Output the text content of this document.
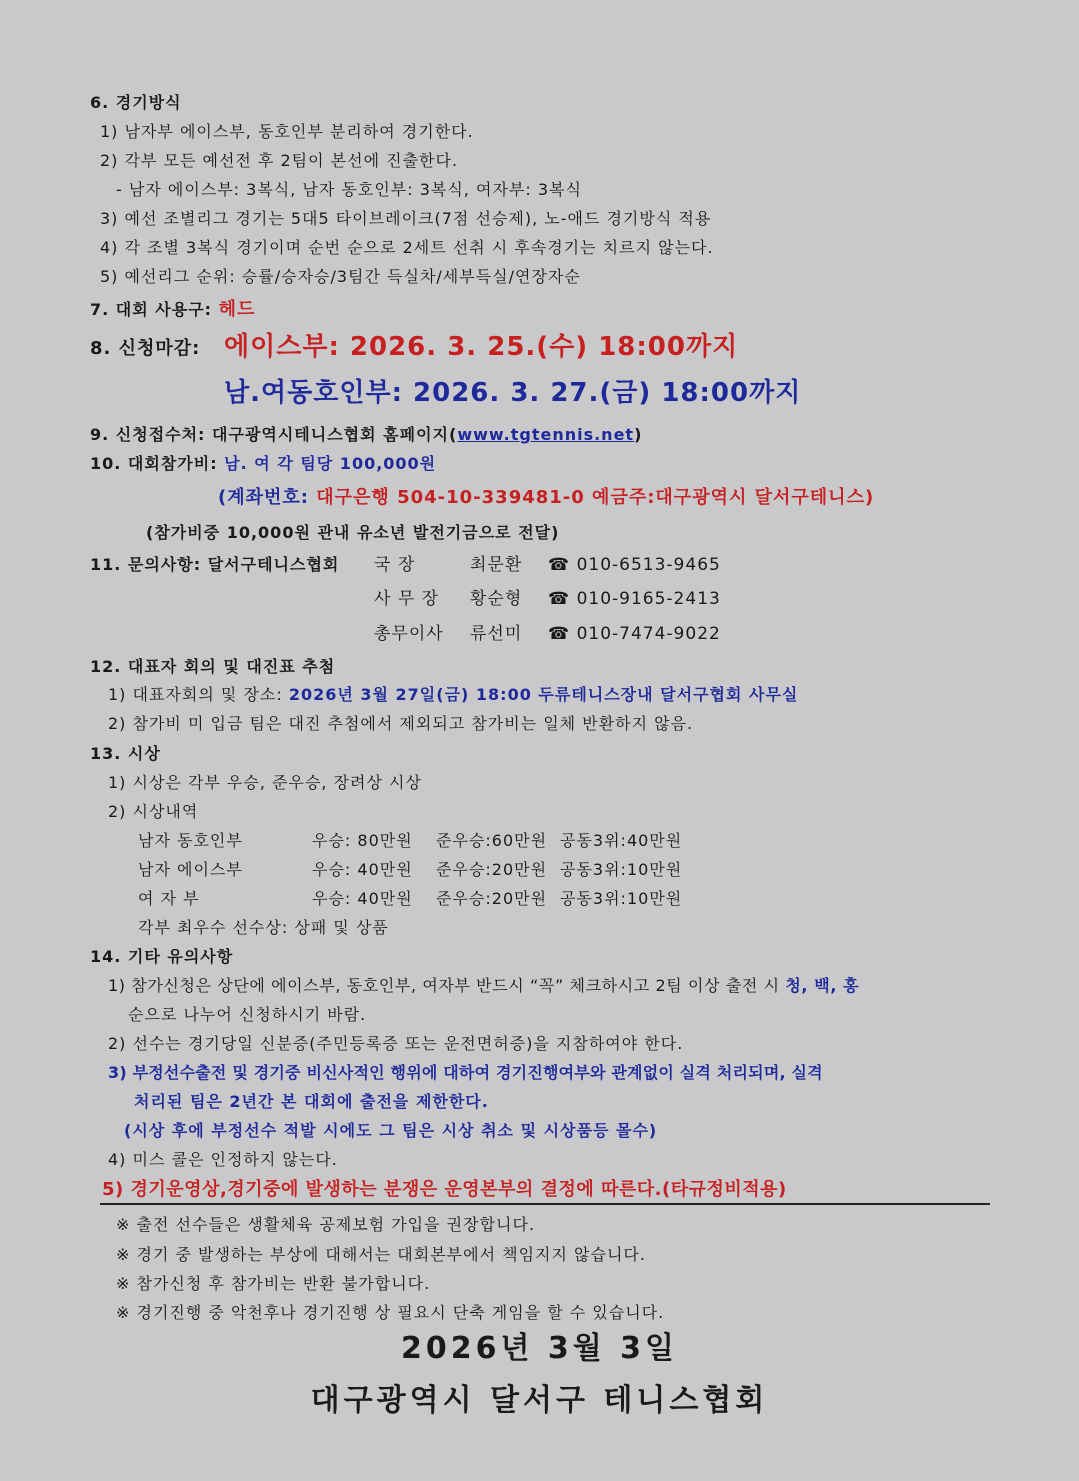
6. 경기방식
1) 남자부 에이스부, 동호인부 분리하여 경기한다.
2) 각부 모든 예선전 후 2팀이 본선에 진출한다.
- 남자 에이스부: 3복식, 남자 동호인부: 3복식, 여자부: 3복식
3) 예선 조별리그 경기는 5대5 타이브레이크(7점 선승제), 노-애드 경기방식 적용
4) 각 조별 3복식 경기이며 순번 순으로 2세트 선취 시 후속경기는 치르지 않는다.
5) 예선리그 순위: 승률/승자승/3팀간 득실차/세부득실/연장자순
7. 대회 사용구: 헤드
8. 신청마감: 에이스부: 2026. 3. 25.(수) 18:00까지
남.여동호인부: 2026. 3. 27.(금) 18:00까지
9. 신청접수처: 대구광역시테니스협회 홈페이지(www.tgtennis.net)
10. 대회참가비: 남. 여 각 팀당 100,000원
(계좌번호: 대구은행 504-10-339481-0 예금주:대구광역시 달서구테니스)
(참가비중 10,000원 관내 유소년 발전기금으로 전달)
11. 문의사항: 달서구테니스협회 국 장	최문환 ☎ 010-6513-9465
사 무 장 황순형 ☎ 010-9165-2413
총무이사 류선미 ☎ 010-7474-9022
12. 대표자 회의 및 대진표 추첨
1) 대표자회의 및 장소: 2026년 3월 27일(금) 18:00 두류테니스장내 달서구협회 사무실
2) 참가비 미 입금 팀은 대진 추첨에서 제외되고 참가비는 일체 반환하지 않음.
13. 시상
1) 시상은 각부 우승, 준우승, 장려상 시상
2) 시상내역
남자 동호인부	우승: 80만원 준우승:60만원 공동3위:40만원
남자 에이스부	우승: 40만원 준우승:20만원 공동3위:10만원
여 자 부	우승: 40만원 준우승:20만원 공동3위:10만원
각부 최우수 선수상: 상패 및 상품
14. 기타 유의사항
1) 참가신청은 상단에 에이스부, 동호인부, 여자부 반드시 “꼭” 체크하시고 2팀 이상 출전 시 청, 백, 홍
순으로 나누어 신청하시기 바람.
2) 선수는 경기당일 신분증(주민등록증 또는 운전면허증)을 지참하여야 한다.
3) 부정선수출전 및 경기중 비신사적인 행위에 대하여 경기진행여부와 관계없이 실격 처리되며, 실격
처리된 팀은 2년간 본 대회에 출전을 제한한다.
(시상 후에 부정선수 적발 시에도 그 팀은 시상 취소 및 시상품등 몰수)
4) 미스 콜은 인정하지 않는다.
5) 경기운영상,경기중에 발생하는 분쟁은 운영본부의 결정에 따른다.(타규정비적용)
※ 출전 선수들은 생활체육 공제보험 가입을 권장합니다.
※ 경기 중 발생하는 부상에 대해서는 대회본부에서 책임지지 않습니다.
※ 참가신청 후 참가비는 반환 불가합니다.
※ 경기진행 중 악천후나 경기진행 상 필요시 단축 게임을 할 수 있습니다.
2026년 3월 3일
대구광역시 달서구 테니스협회
